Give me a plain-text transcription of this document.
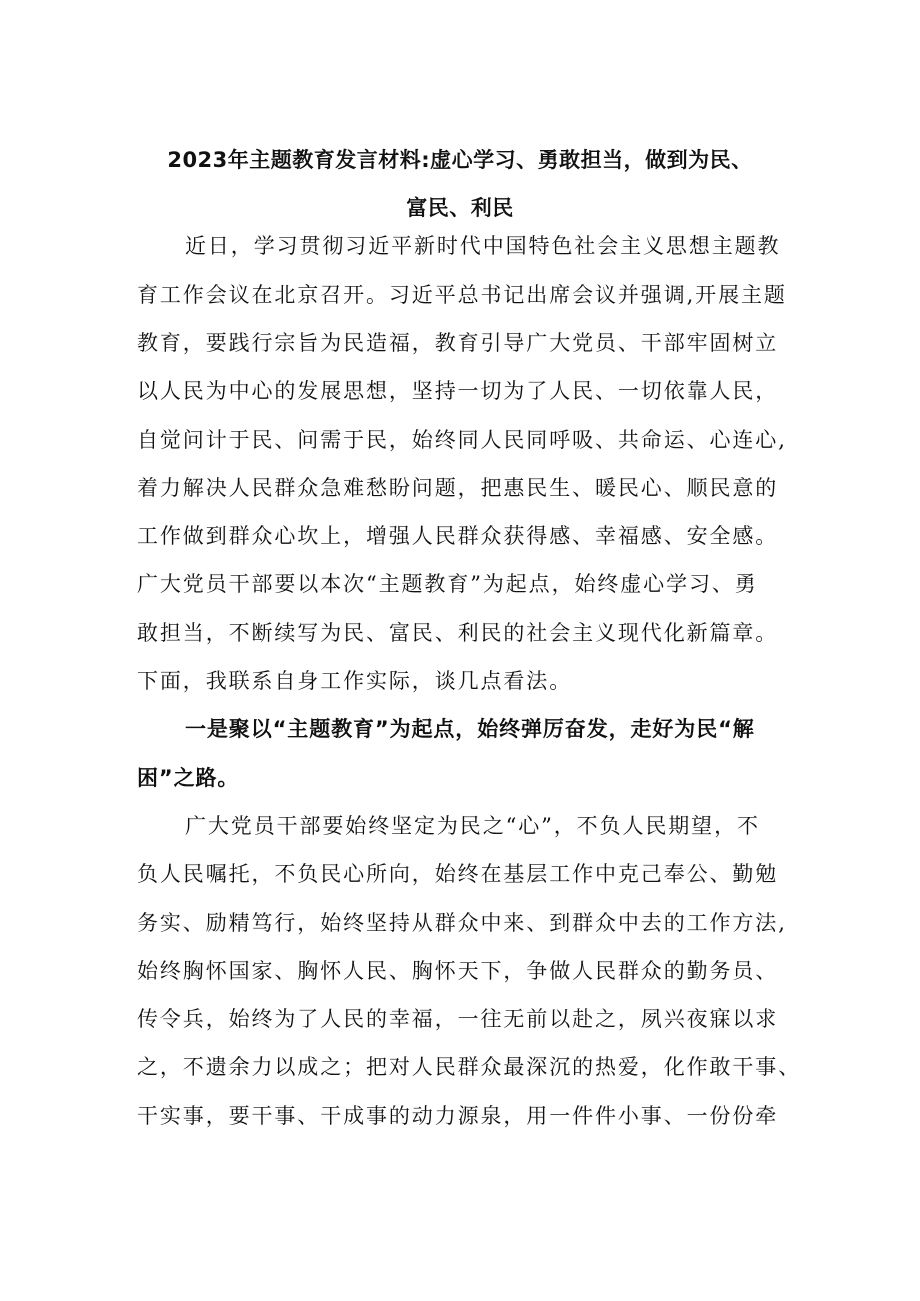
2023年主题教育发言材料:虚心学习、勇敢担当，做到为民、
富民、利民
近日，学习贯彻习近平新时代中国特色社会主义思想主题教
育工作会议在北京召开。习近平总书记出席会议并强调,开展主题
教育，要践行宗旨为民造福，教育引导广大党员、干部牢固树立
以人民为中心的发展思想，坚持一切为了人民、一切依靠人民，
自觉问计于民、问需于民，始终同人民同呼吸、共命运、心连心,
着力解决人民群众急难愁盼问题，把惠民生、暖民心、顺民意的
工作做到群众心坎上，增强人民群众获得感、幸福感、安全感。
广大党员干部要以本次“主题教育”为起点，始终虚心学习、勇
敢担当，不断续写为民、富民、利民的社会主义现代化新篇章。
下面，我联系自身工作实际，谈几点看法。
一是聚以“主题教育”为起点，始终弹厉奋发，走好为民“解
困”之路。
广大党员干部要始终坚定为民之“心”，不负人民期望，不
负人民嘱托，不负民心所向，始终在基层工作中克己奉公、勤勉
务实、励精笃行，始终坚持从群众中来、到群众中去的工作方法,
始终胸怀国家、胸怀人民、胸怀天下，争做人民群众的勤务员、
传令兵，始终为了人民的幸福，一往无前以赴之，夙兴夜寐以求
之，不遗余力以成之；把对人民群众最深沉的热爱，化作敢干事、
干实事，要干事、干成事的动力源泉，用一件件小事、一份份牵
